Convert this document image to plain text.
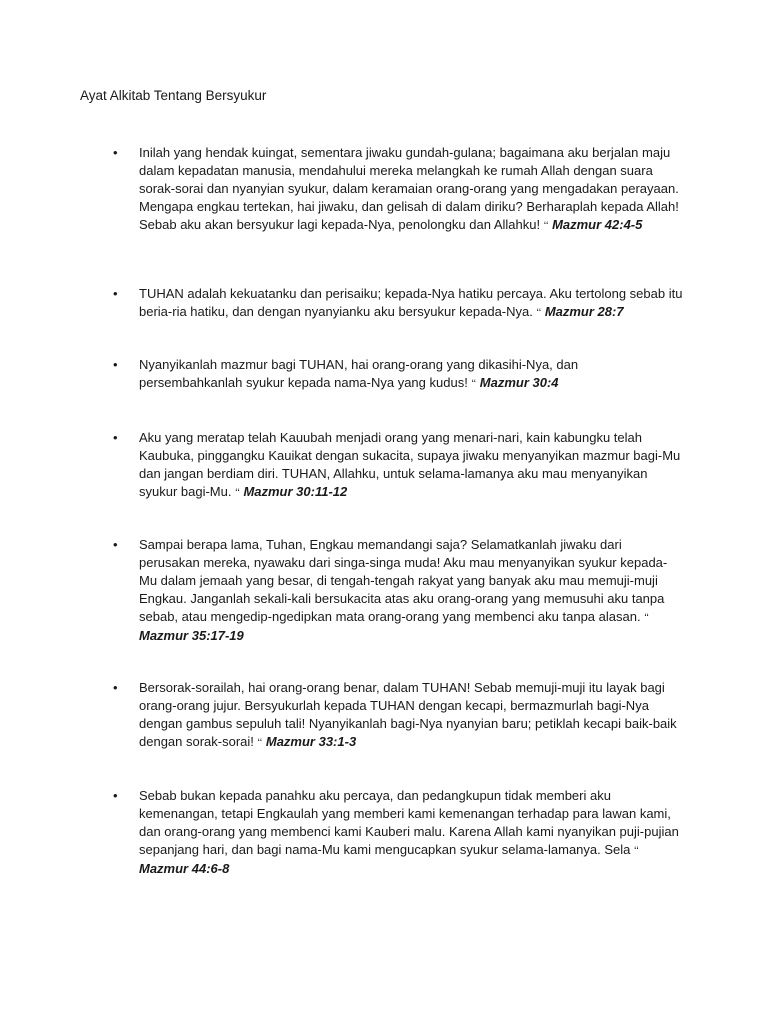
Ayat Alkitab Tentang Bersyukur
• Inilah yang hendak kuingat, sementara jiwaku gundah-gulana; bagaimana aku berjalan maju dalam kepadatan manusia, mendahului mereka melangkah ke rumah Allah dengan suara sorak-sorai dan nyanyian syukur, dalam keramaian orang-orang yang mengadakan perayaan. Mengapa engkau tertekan, hai jiwaku, dan gelisah di dalam diriku? Berharaplah kepada Allah! Sebab aku akan bersyukur lagi kepada-Nya, penolongku dan Allahku! ‘‘ Mazmur 42:4-5

• TUHAN adalah kekuatanku dan perisaiku; kepada-Nya hatiku percaya. Aku tertolong sebab itu beria-ria hatiku, dan dengan nyanyianku aku bersyukur kepada-Nya. ‘‘ Mazmur 28:7

• Nyanyikanlah mazmur bagi TUHAN, hai orang-orang yang dikasihi-Nya, dan persembahkanlah syukur kepada nama-Nya yang kudus! ‘‘ Mazmur 30:4

• Aku yang meratap telah Kauubah menjadi orang yang menari-nari, kain kabungku telah Kaubuka, pinggangku Kauikat dengan sukacita, supaya jiwaku menyanyikan mazmur bagi-Mu dan jangan berdiam diri. TUHAN, Allahku, untuk selama-lamanya aku mau menyanyikan syukur bagi-Mu. ‘‘ Mazmur 30:11-12

• Sampai berapa lama, Tuhan, Engkau memandangi saja? Selamatkanlah jiwaku dari perusakan mereka, nyawaku dari singa-singa muda! Aku mau menyanyikan syukur kepada-Mu dalam jemaah yang besar, di tengah-tengah rakyat yang banyak aku mau memuji-muji Engkau. Janganlah sekali-kali bersukacita atas aku orang-orang yang memusuhi aku tanpa sebab, atau mengedip-ngedipkan mata orang-orang yang membenci aku tanpa alasan. ‘‘ Mazmur 35:17-19

• Bersorak-sorailah, hai orang-orang benar, dalam TUHAN! Sebab memuji-muji itu layak bagi orang-orang jujur. Bersyukurlah kepada TUHAN dengan kecapi, bermazmurlah bagi-Nya dengan gambus sepuluh tali! Nyanyikanlah bagi-Nya nyanyian baru; petiklah kecapi baik-baik dengan sorak-sorai! ‘‘ Mazmur 33:1-3

• Sebab bukan kepada panahku aku percaya, dan pedangkupun tidak memberi aku kemenangan, tetapi Engkaulah yang memberi kami kemenangan terhadap para lawan kami, dan orang-orang yang membenci kami Kauberi malu. Karena Allah kami nyanyikan puji-pujian sepanjang hari, dan bagi nama-Mu kami mengucapkan syukur selama-lamanya. Sela ‘‘ Mazmur 44:6-8
